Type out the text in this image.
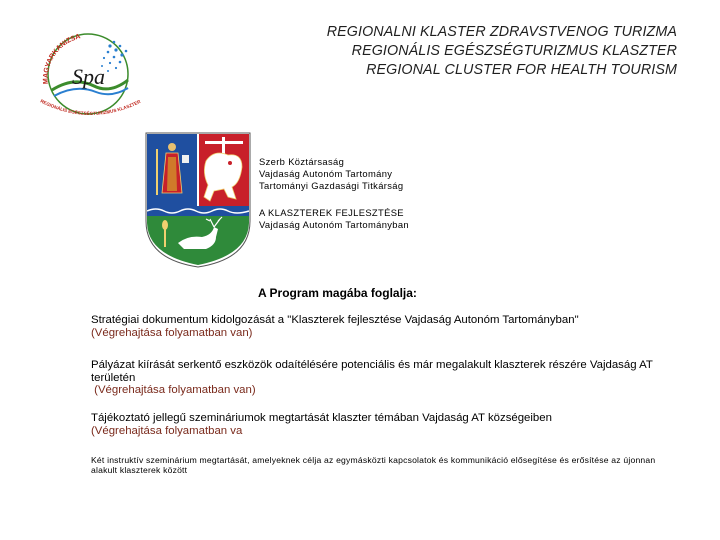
REGIONALNI KLASTER ZDRAVSTVENOG TURIZMA
REGIONÁLIS EGÉSZSÉGTURIZMUS KLASZTER
REGIONAL CLUSTER FOR HEALTH TOURISM
MAGYARKANIZSA
Spa
REGIONÁLIS EGÉSZSÉGTURIZMUS KLASZTER
Szerb Köztársaság
Vajdaság Autonóm Tartomány
Tartományi Gazdasági Titkárság
A KLASZTEREK FEJLESZTÉSE
Vajdaság Autonóm Tartományban
A Program magába foglalja:
Stratégiai dokumentum kidolgozását a "Klaszterek fejlesztése Vajdaság Autonóm Tartományban"
(Végrehajtása folyamatban van)
Pályázat kiírását serkentő eszközök odaítélésére potenciális és már megalakult klaszterek részére Vajdaság AT területén
(Végrehajtása folyamatban van)
Tájékoztató jellegű szemináriumok megtartását klaszter témában Vajdaság AT községeiben
(Végrehajtása folyamatban va
Két instruktív szeminárium megtartását, amelyeknek célja az egymásközti kapcsolatok és kommunikáció elősegítése és erősítése az újonnan alakult klaszterek között
